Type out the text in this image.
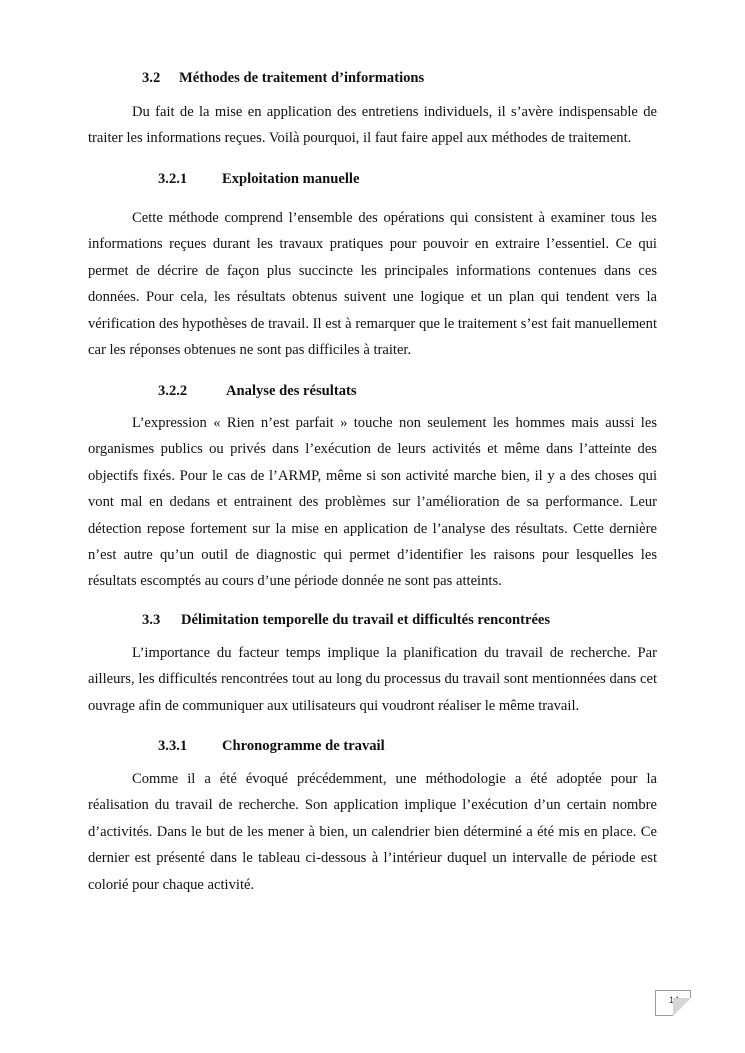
3.2 Méthodes de traitement d’informations

Du fait de la mise en application des entretiens individuels, il s’avère indispensable de traiter les informations reçues. Voilà pourquoi, il faut faire appel aux méthodes de traitement.

3.2.1 Exploitation manuelle

Cette méthode comprend l’ensemble des opérations qui consistent à examiner tous les informations reçues durant les travaux pratiques pour pouvoir en extraire l’essentiel. Ce qui permet de décrire de façon plus succincte les principales informations contenues dans ces données. Pour cela, les résultats obtenus suivent une logique et un plan qui tendent vers la vérification des hypothèses de travail. Il est à remarquer que le traitement s’est fait manuellement car les réponses obtenues ne sont pas difficiles à traiter.

3.2.2	Analyse des résultats

L’expression « Rien n’est parfait » touche non seulement les hommes mais aussi les organismes publics ou privés dans l’exécution de leurs activités et même dans l’atteinte des objectifs fixés. Pour le cas de l’ARMP, même si son activité marche bien, il y a des choses qui vont mal en dedans et entrainent des problèmes sur l’amélioration de sa performance. Leur détection repose fortement sur la mise en application de l’analyse des résultats. Cette dernière n’est autre qu’un outil de diagnostic qui permet d’identifier les raisons pour lesquelles les résultats escomptés au cours d’une période donnée ne sont pas atteints.

3.3 Délimitation temporelle du travail et difficultés rencontrées

L’importance du facteur temps implique la planification du travail de recherche. Par ailleurs, les difficultés rencontrées tout au long du processus du travail sont mentionnées dans cet ouvrage afin de communiquer aux utilisateurs qui voudront réaliser le même travail.

3.3.1 Chronogramme de travail

Comme il a été évoqué précédemment, une méthodologie a été adoptée pour la réalisation du travail de recherche. Son application implique l’exécution d’un certain nombre d’activités. Dans le but de les mener à bien, un calendrier bien déterminé a été mis en place. Ce dernier est présenté dans le tableau ci-dessous à l’intérieur duquel un intervalle de période est colorié pour chaque activité.

14
